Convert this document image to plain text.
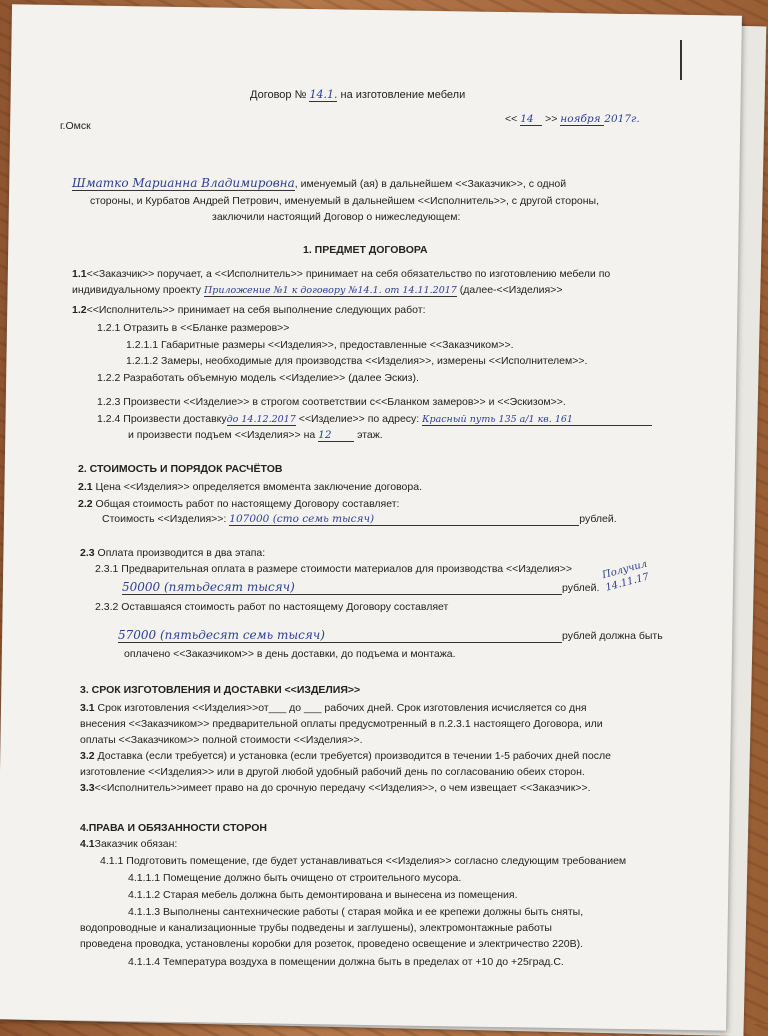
Договор № 14.1. на изготовление мебели
г.Омск
<< 14 >> ноября 2017г.
Шматко Марианна Владимировна, именуемый (ая) в дальнейшем <<Заказчик>>, с одной
стороны, и Курбатов Андрей Петрович, именуемый в дальнейшем <<Исполнитель>>, с другой стороны,
заключили настоящий Договор о нижеследующем:
1. ПРЕДМЕТ ДОГОВОРА
1.1<<Заказчик>> поручает, а <<Исполнитель>> принимает на себя обязательство по изготовлению мебели по
индивидуальному проекту Приложение №1 к договору №14.1. от 14.11.2017 (далее-<<Изделия>>
1.2<<Исполнитель>> принимает на себя выполнение следующих работ:
1.2.1 Отразить в <<Бланке размеров>>
1.2.1.1 Габаритные размеры <<Изделия>>, предоставленные <<Заказчиком>>.
1.2.1.2 Замеры, необходимые для производства <<Изделия>>, измерены <<Исполнителем>>.
1.2.2 Разработать объемную модель <<Изделие>> (далее Эскиз).
1.2.3 Произвести <<Изделие>> в строгом соответствии с<<Бланком замеров>> и <<Эскизом>>.
1.2.4 Произвести доставкудо 14.12.2017 <<Изделие>> по адресу: Красный путь 135 а/1 кв. 161
и произвести подъем <<Изделия>> на 12 этаж.
2. СТОИМОСТЬ И ПОРЯДОК РАСЧЁТОВ
2.1 Цена <<Изделия>> определяется вмомента заключение договора.
2.2 Общая стоимость работ по настоящему Договору составляет:
Стоимость <<Изделия>>: 107000 (сто семь тысяч)	рублей.
2.3 Оплата производится в два этапа:
2.3.1 Предварительная оплата в размере стоимости материалов для производства <<Изделия>>
50000 (пятьдесят тысяч)	рублей.
Получил 14.11.17
2.3.2 Оставшаяся стоимость работ по настоящему Договору составляет
57000 (пятьдесят семь тысяч)	рублей должна быть
оплачено <<Заказчиком>> в день доставки, до подъема и монтажа.
3. СРОК ИЗГОТОВЛЕНИЯ И ДОСТАВКИ <<ИЗДЕЛИЯ>>
3.1 Срок изготовления <<Изделия>>от___ до ___ рабочих дней. Срок изготовления исчисляется со дня
внесения <<Заказчиком>> предварительной оплаты предусмотренный в п.2.3.1 настоящего Договора, или
оплаты <<Заказчиком>> полной стоимости <<Изделия>>.
3.2 Доставка (если требуется) и установка (если требуется) производится в течении 1-5 рабочих дней после
изготовление <<Изделия>> или в другой любой удобный рабочий день по согласованию обеих сторон.
3.3<<Исполнитель>>имеет право на до срочную передачу <<Изделия>>, о чем извещает <<Заказчик>>.
4.ПРАВА И ОБЯЗАННОСТИ СТОРОН
4.1Заказчик обязан:
4.1.1 Подготовить помещение, где будет устанавливаться <<Изделия>> согласно следующим требованием
4.1.1.1 Помещение должно быть очищено от строительного мусора.
4.1.1.2 Старая мебель должна быть демонтирована и вынесена из помещения.
4.1.1.3 Выполнены сантехнические работы ( старая мойка и ее крепежи должны быть сняты,
водопроводные и канализационные трубы подведены и заглушены), электромонтажные работы
проведена проводка, установлены коробки для розеток, проведено освещение и электричество 220В).
4.1.1.4 Температура воздуха в помещении должна быть в пределах от +10 до +25град.С.
